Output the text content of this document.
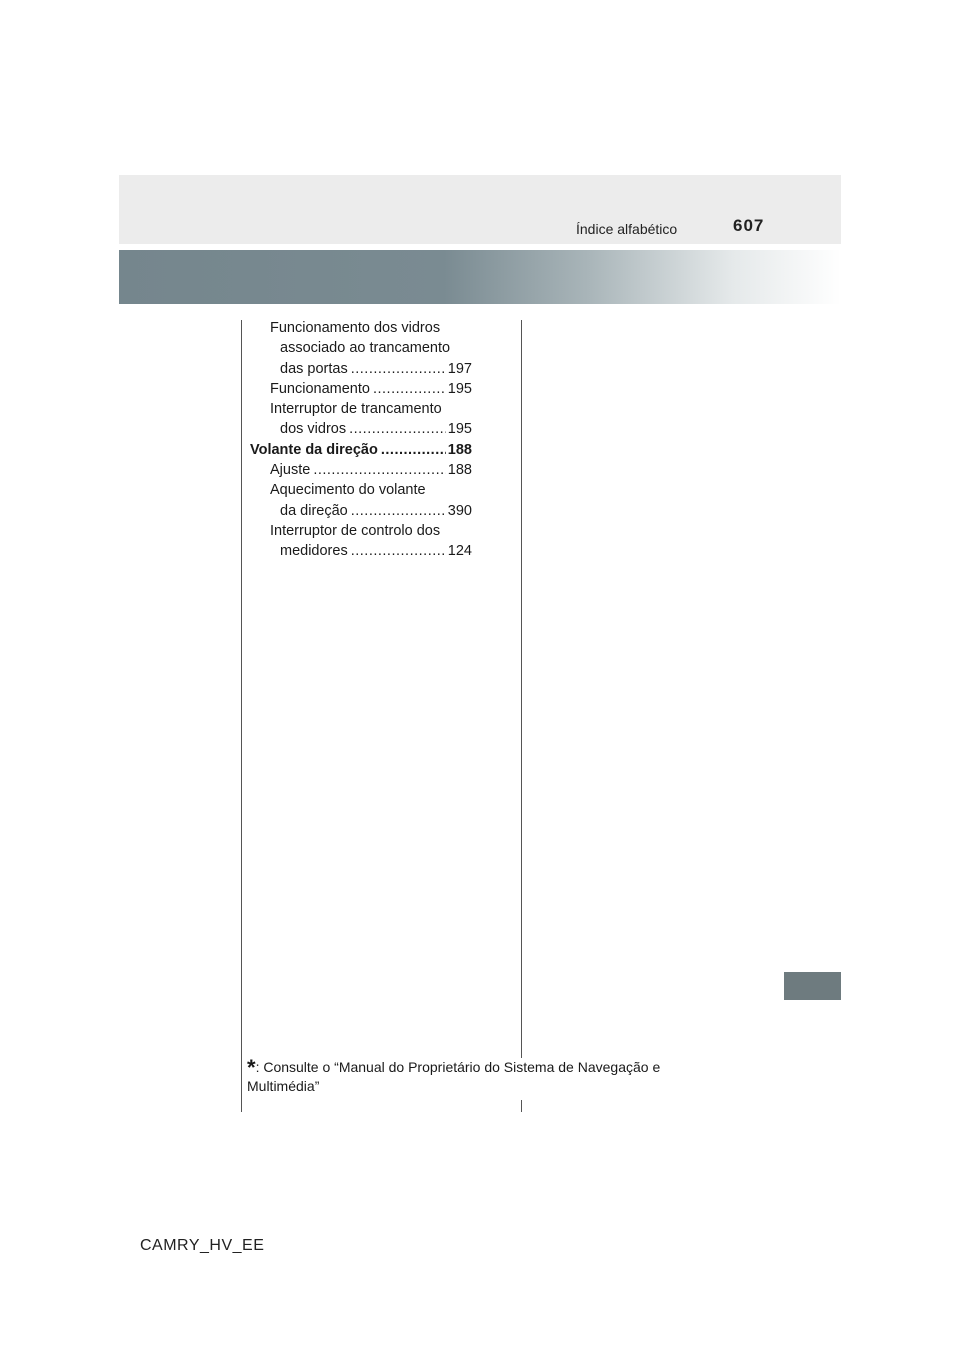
Índice alfabético	607
Funcionamento dos vidros
associado ao trancamento
das portas .....	197
Funcionamento .....	195
Interruptor de trancamento
dos vidros .....	195
Volante da direção .....	188
Ajuste .....	188
Aquecimento do volante
da direção .....	390
Interruptor de controlo dos
medidores .....	124
*: Consulte o “Manual do Proprietário do Sistema de Navegação e Multimédia”
CAMRY_HV_EE
